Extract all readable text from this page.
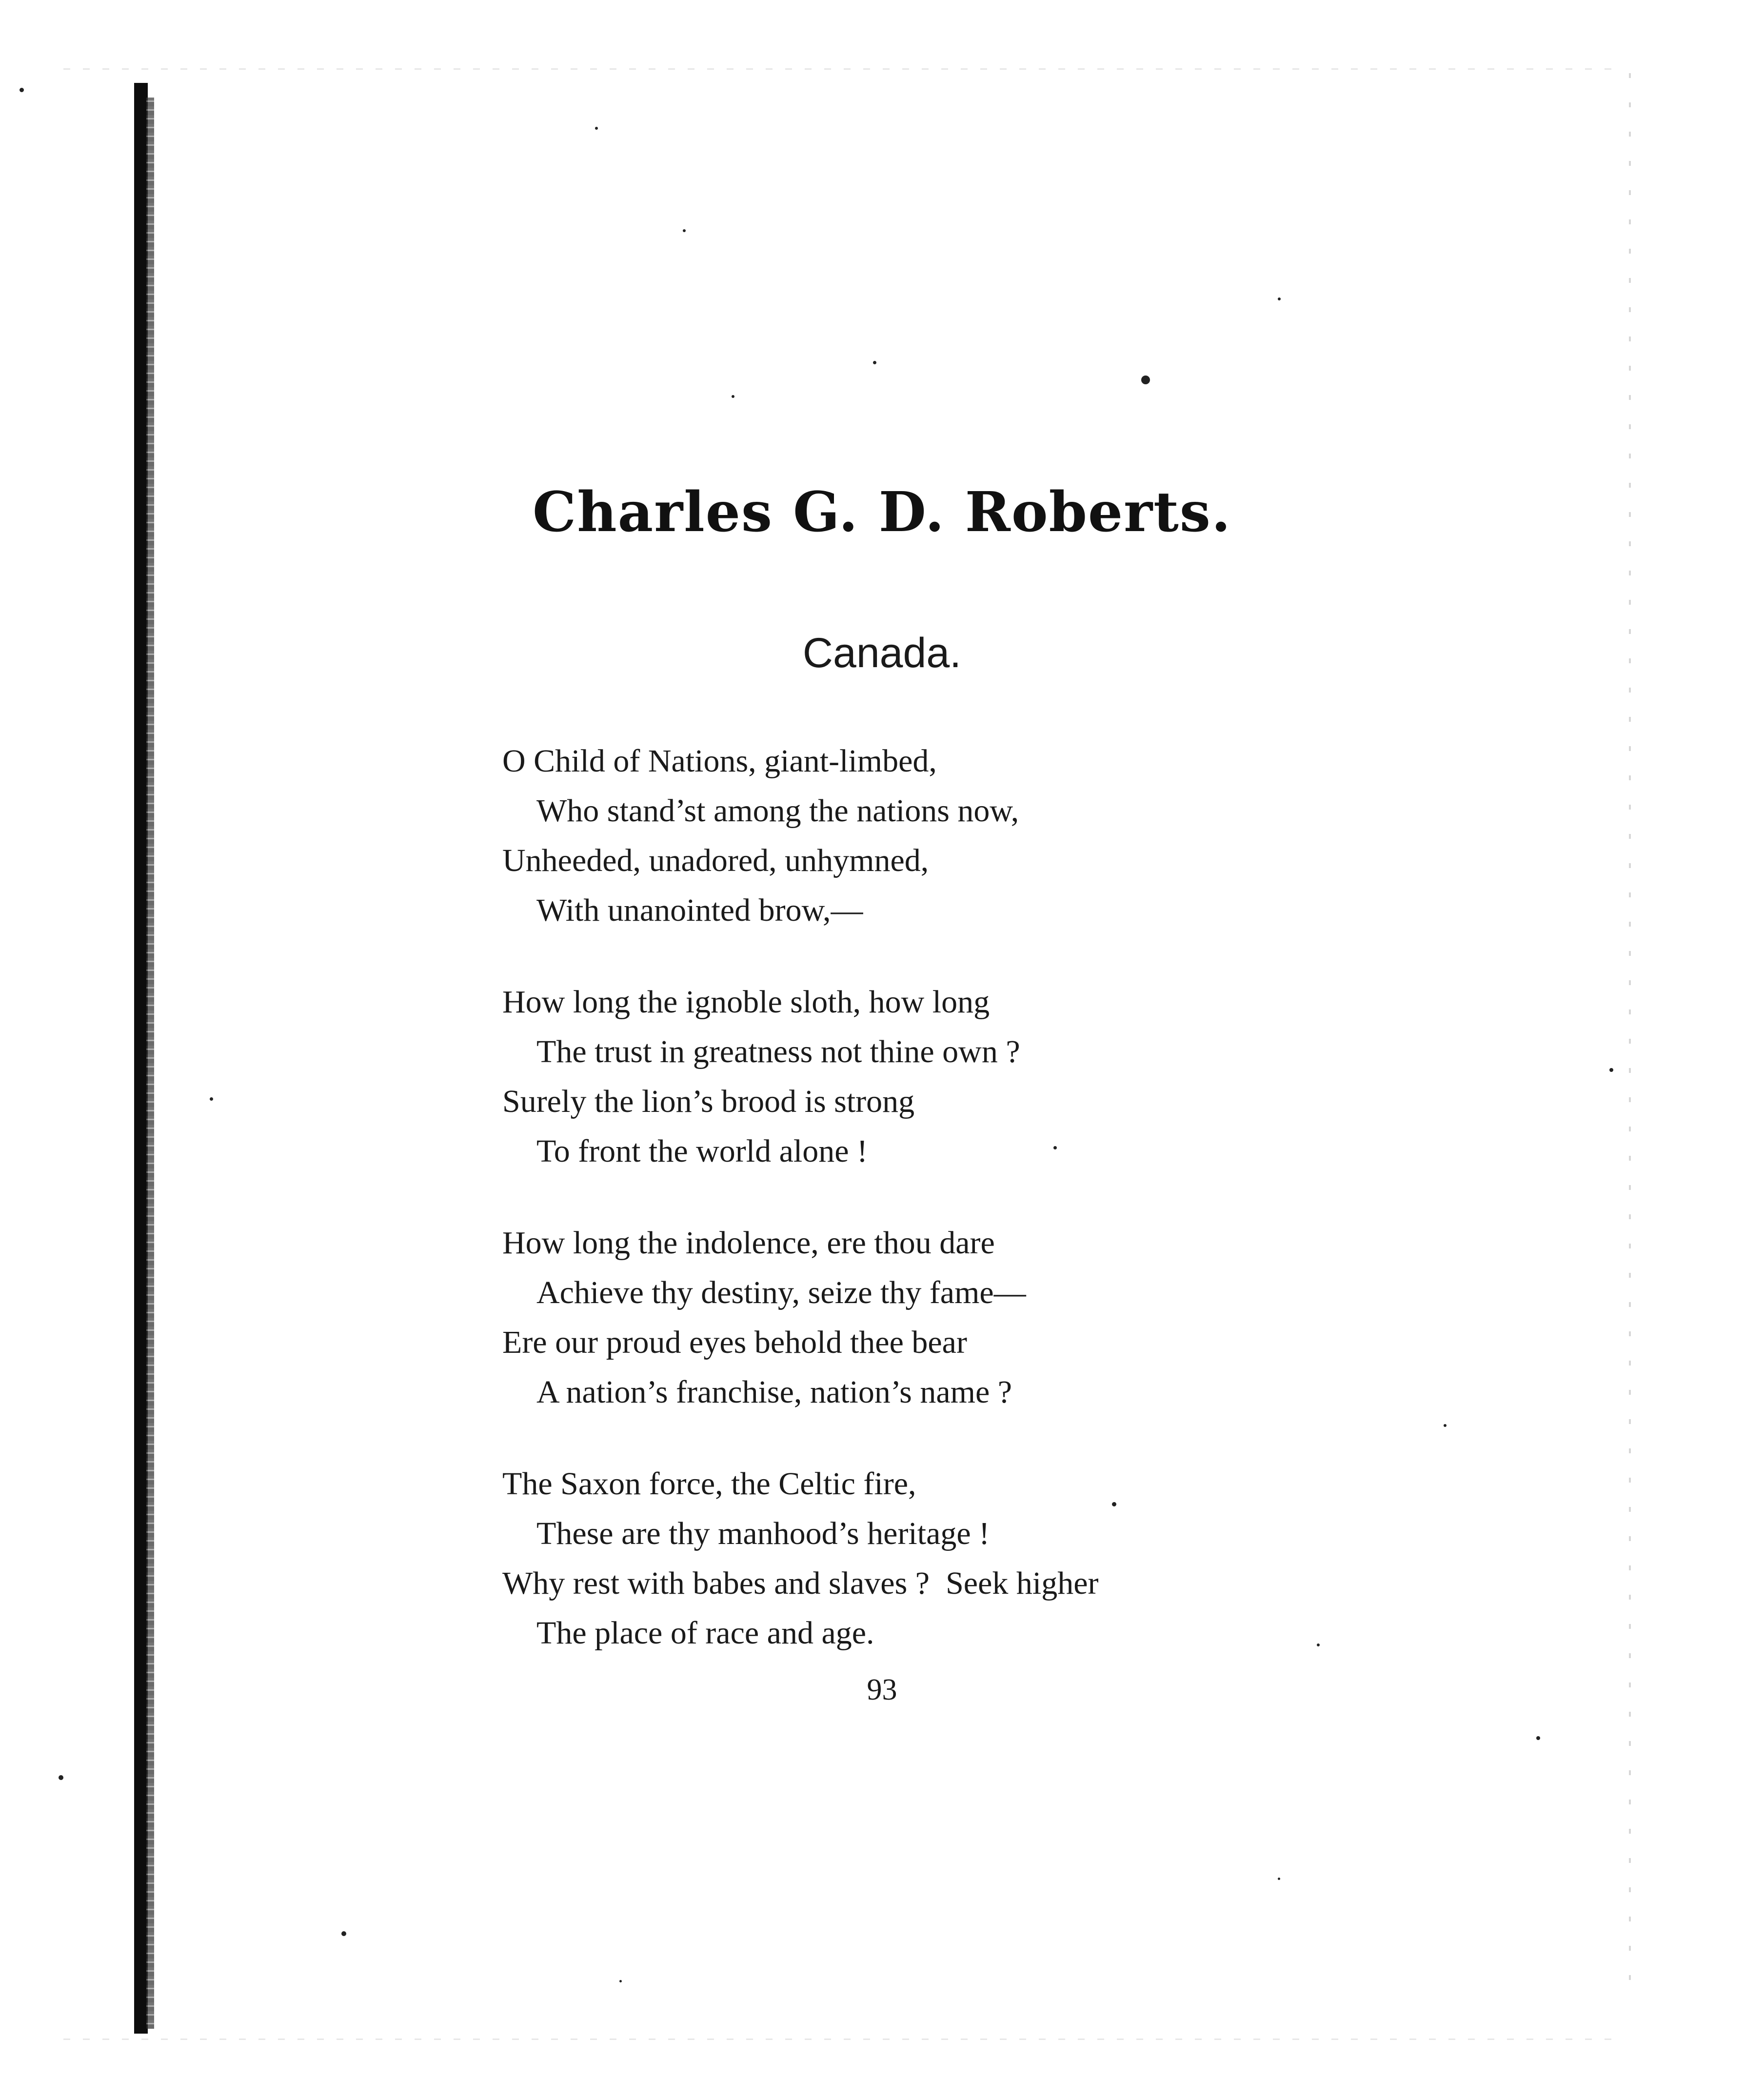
Charles G. D. Roberts.
Canada.
O Child of Nations, giant-limbed,
Who stand’st among the nations now,
Unheeded, unadored, unhymned,
With unanointed brow,—
How long the ignoble sloth, how long
The trust in greatness not thine own ?
Surely the lion’s brood is strong
To front the world alone !
How long the indolence, ere thou dare
Achieve thy destiny, seize thy fame—
Ere our proud eyes behold thee bear
A nation’s franchise, nation’s name ?
The Saxon force, the Celtic fire,
These are thy manhood’s heritage !
Why rest with babes and slaves ?  Seek higher
The place of race and age.
93
